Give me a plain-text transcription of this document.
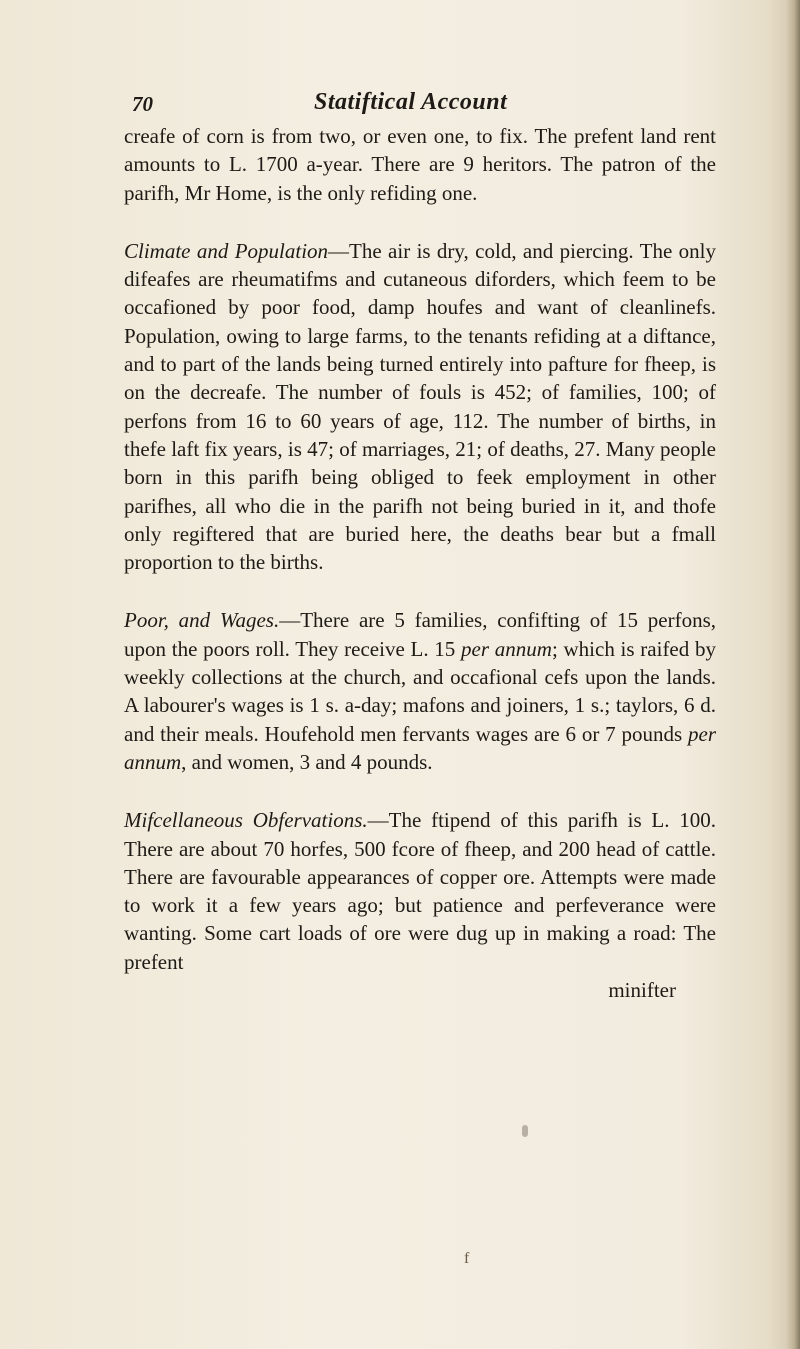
70	Statiftical Account

creafe of corn is from two, or even one, to fix. The prefent land rent amounts to L. 1700 a-year. There are 9 heritors. The patron of the parifh, Mr Home, is the only refiding one.

Climate and Population—The air is dry, cold, and piercing. The only difeafes are rheumatifms and cutaneous diforders, which feem to be occafioned by poor food, damp houfes and want of cleanlinefs. Population, owing to large farms, to the tenants refiding at a diftance, and to part of the lands being turned entirely into pafture for fheep, is on the decreafe. The number of fouls is 452; of families, 100; of perfons from 16 to 60 years of age, 112. The number of births, in thefe laft fix years, is 47; of marriages, 21; of deaths, 27. Many people born in this parifh being obliged to feek employment in other parifhes, all who die in the parifh not being buried in it, and thofe only regiftered that are buried here, the deaths bear but a fmall proportion to the births.

Poor, and Wages.—There are 5 families, confifting of 15 perfons, upon the poors roll. They receive L. 15 per annum; which is raifed by weekly collections at the church, and occafional cefs upon the lands. A labourer's wages is 1 s. a-day; mafons and joiners, 1 s.; taylors, 6 d. and their meals. Houfehold men fervants wages are 6 or 7 pounds per annum, and women, 3 and 4 pounds.

Mifcellaneous Obfervations.—The ftipend of this parifh is L. 100. There are about 70 horfes, 500 fcore of fheep, and 200 head of cattle. There are favourable appearances of copper ore. Attempts were made to work it a few years ago; but patience and perfeverance were wanting. Some cart loads of ore were dug up in making a road: The prefent

minifter

f
